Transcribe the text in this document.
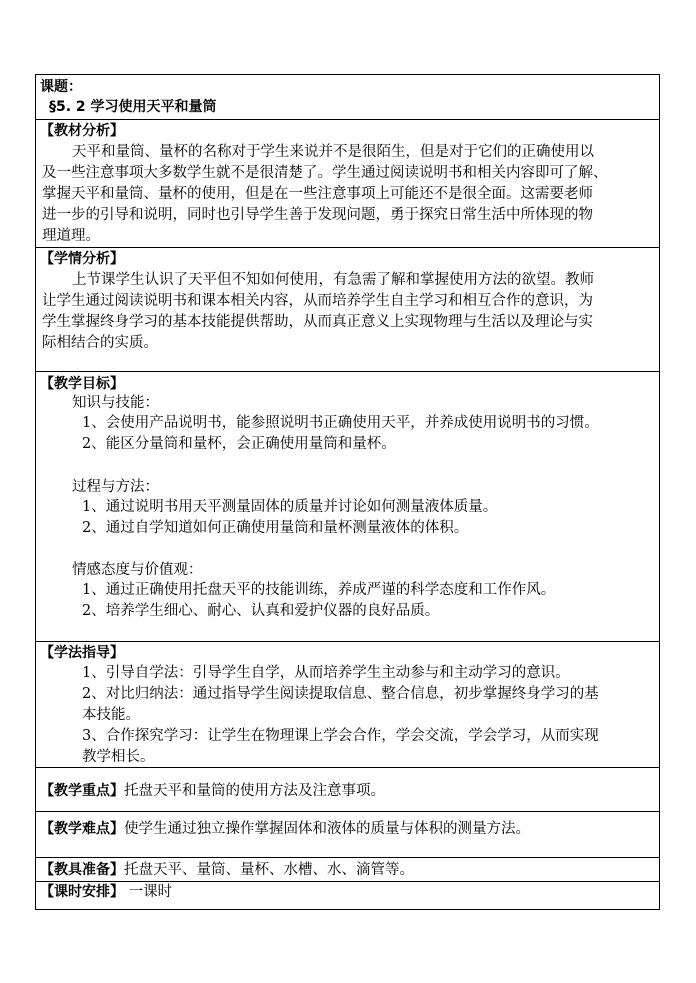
课题：
§5. 2 学习使用天平和量筒
【教材分析】
天平和量筒、量杯的名称对于学生来说并不是很陌生，但是对于它们的正确使用以
及一些注意事项大多数学生就不是很清楚了。学生通过阅读说明书和相关内容即可了解、
掌握天平和量筒、量杯的使用，但是在一些注意事项上可能还不是很全面。这需要老师
进一步的引导和说明，同时也引导学生善于发现问题，勇于探究日常生活中所体现的物
理道理。
【学情分析】
上节课学生认识了天平但不知如何使用，有急需了解和掌握使用方法的欲望。教师
让学生通过阅读说明书和课本相关内容，从而培养学生自主学习和相互合作的意识，为
学生掌握终身学习的基本技能提供帮助，从而真正意义上实现物理与生活以及理论与实
际相结合的实质。
【教学目标】
知识与技能：
1、会使用产品说明书，能参照说明书正确使用天平，并养成使用说明书的习惯。
2、能区分量筒和量杯，会正确使用量筒和量杯。
过程与方法：
1、通过说明书用天平测量固体的质量并讨论如何测量液体质量。
2、通过自学知道如何正确使用量筒和量杯测量液体的体积。
情感态度与价值观：
1、通过正确使用托盘天平的技能训练，养成严谨的科学态度和工作作风。
2、培养学生细心、耐心、认真和爱护仪器的良好品质。
【学法指导】
1、引导自学法：引导学生自学，从而培养学生主动参与和主动学习的意识。
2、对比归纳法：通过指导学生阅读提取信息、整合信息，初步掌握终身学习的基
本技能。
3、合作探究学习：让学生在物理课上学会合作，学会交流，学会学习，从而实现
教学相长。
【教学重点】托盘天平和量筒的使用方法及注意事项。
【教学难点】使学生通过独立操作掌握固体和液体的质量与体积的测量方法。
【教具准备】托盘天平、量筒、量杯、水槽、水、滴管等。
【课时安排】 一课时
